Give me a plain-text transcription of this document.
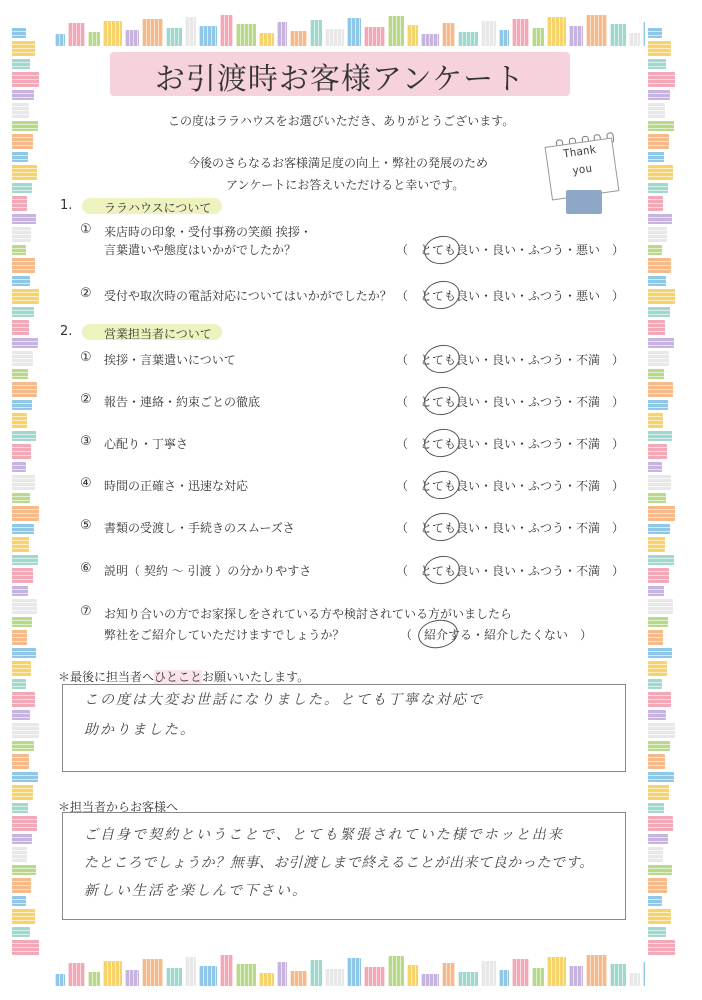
お引渡時お客様アンケート
この度はララハウスをお選びいただき、ありがとうございます。
今後のさらなるお客様満足度の向上・弊社の発展のため
アンケートにお答えいただけると幸いです。
Thank
you
1.	ララハウスについて
① 来店時の印象・受付事務の笑顔 挨拶・
言葉遣いや態度はいかがでしたか？	（　とても良い・良い・ふつう・悪い　）
② 受付や取次時の電話対応についてはいかがでしたか？ （　とても良い・良い・ふつう・悪い　）
2.	営業担当者について
① 挨拶・言葉遣いについて	（　とても良い・良い・ふつう・不満　）
② 報告・連絡・約束ごとの徹底	（　とても良い・良い・ふつう・不満　）
③ 心配り・丁寧さ	（　とても良い・良い・ふつう・不満　）
④ 時間の正確さ・迅速な対応	（　とても良い・良い・ふつう・不満　）
⑤ 書類の受渡し・手続きのスムーズさ	（　とても良い・良い・ふつう・不満　）
⑥ 説明（ 契約 ～ 引渡 ）の分かりやすさ	（　とても良い・良い・ふつう・不満　）
⑦ お知り合いの方でお家探しをされている方や検討されている方がいましたら
弊社をご紹介していただけますでしょうか？	（　紹介する・紹介したくない　）
＊最後に担当者へひとことお願いいたします。
この度は大変お世話になりました。とても丁寧な対応で
助かりました。
＊担当者からお客様へ
ご自身で契約ということで、とても緊張されていた様でホッと出来
たところでしょうか？無事、お引渡しまで終えることが出来て良かったです。
新しい生活を楽しんで下さい。
